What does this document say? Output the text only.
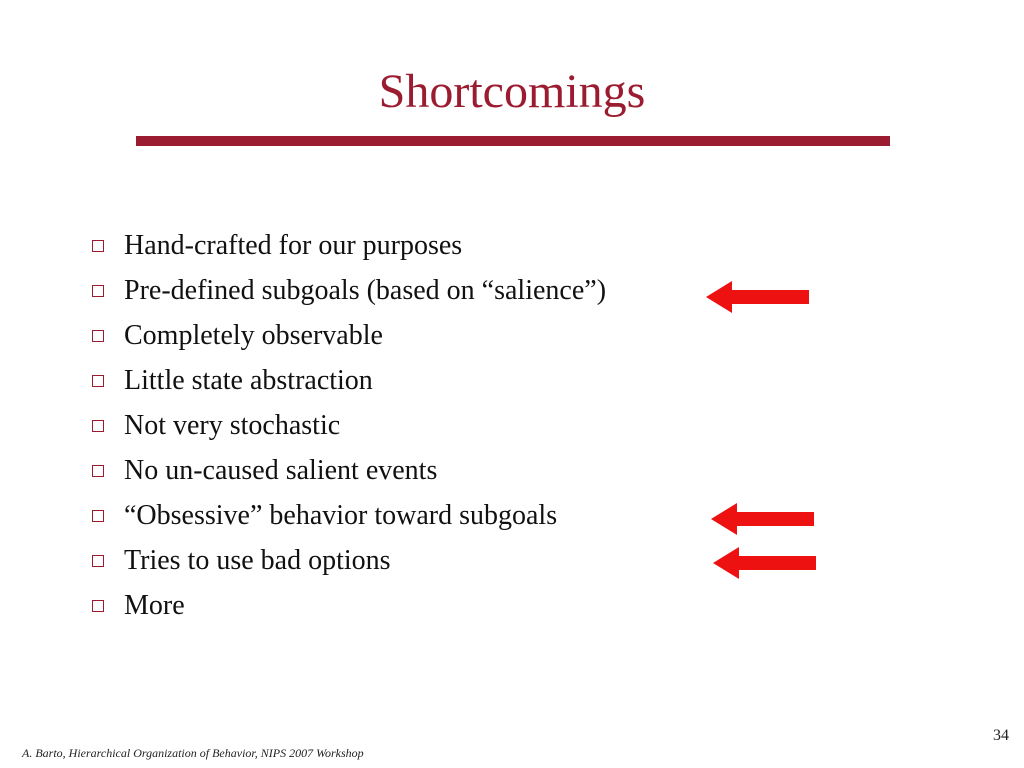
Shortcomings
Hand-crafted for our purposes
Pre-defined subgoals (based on “salience”)
Completely observable
Little state abstraction
Not very stochastic
No un-caused salient events
“Obsessive” behavior toward subgoals
Tries to use bad options
More
34
A. Barto, Hierarchical Organization of Behavior, NIPS 2007 Workshop
